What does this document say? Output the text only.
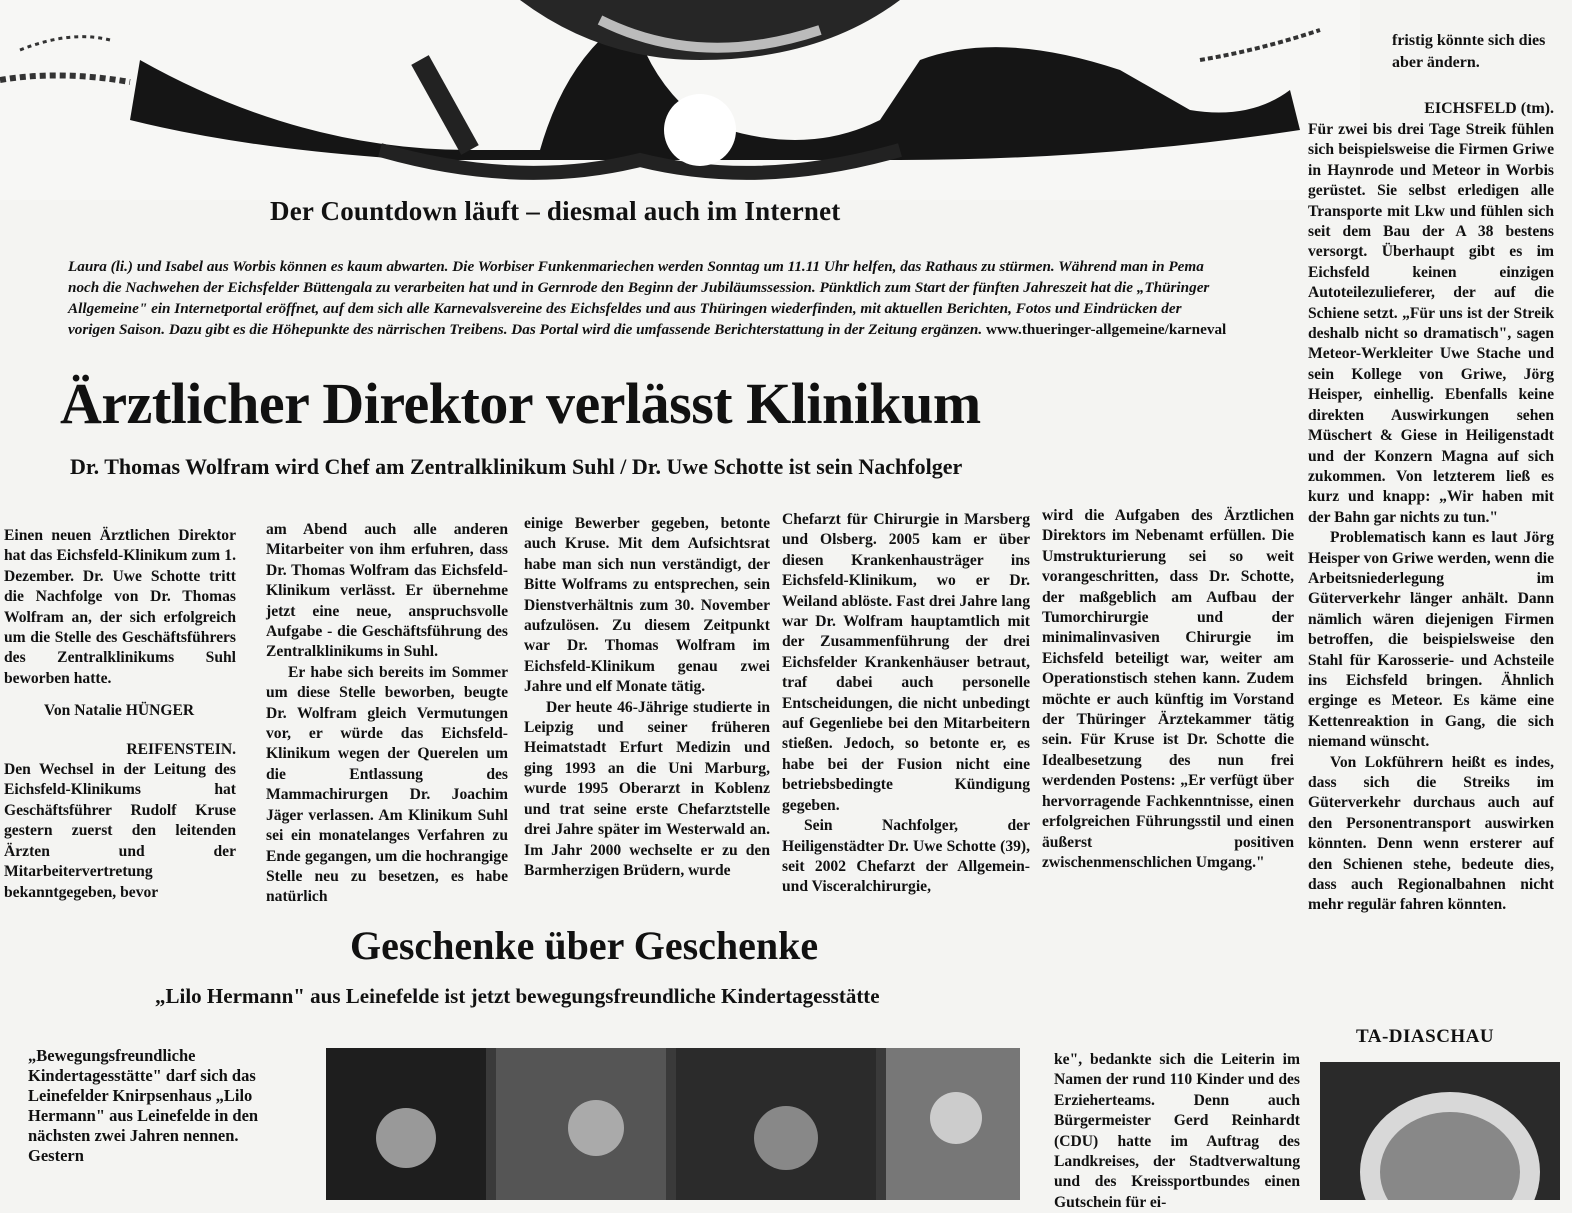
Der Countdown läuft – diesmal auch im Internet
Laura (li.) und Isabel aus Worbis können es kaum abwarten. Die Worbiser Funkenmariechen werden Sonntag um 11.11 Uhr helfen, das Rathaus zu stürmen. Während man in Pema noch die Nachwehen der Eichsfelder Büttengala zu verarbeiten hat und in Gernrode den Beginn der Jubiläumssession. Pünktlich zum Start der fünften Jahreszeit hat die „Thüringer Allgemeine" ein Internetportal eröffnet, auf dem sich alle Karnevalsvereine des Eichsfeldes und aus Thüringen wiederfinden, mit aktuellen Berichten, Fotos und Eindrücken der vorigen Saison. Dazu gibt es die Höhepunkte des närrischen Treibens. Das Portal wird die umfassende Berichterstattung in der Zeitung ergänzen. www.thueringer-allgemeine/karneval
Ärztlicher Direktor verlässt Klinikum
Dr. Thomas Wolfram wird Chef am Zentralklinikum Suhl / Dr. Uwe Schotte ist sein Nachfolger

Einen neuen Ärztlichen Direktor hat das Eichsfeld-Klinikum zum 1. Dezember. Dr. Uwe Schotte tritt die Nachfolge von Dr. Thomas Wolfram an, der sich erfolgreich um die Stelle des Geschäftsführers des Zentralklinikums Suhl beworben hatte.

Von Natalie HÜNGER

REIFENSTEIN.

Den Wechsel in der Leitung des Eichsfeld-Klinikums hat Geschäftsführer Rudolf Kruse gestern zuerst den leitenden Ärzten und der Mitarbeitervertretung bekanntgegeben, bevor

am Abend auch alle anderen Mitarbeiter von ihm erfuhren, dass Dr. Thomas Wolfram das Eichsfeld-Klinikum verlässt. Er übernehme jetzt eine neue, anspruchsvolle Aufgabe - die Geschäftsführung des Zentralklinikums in Suhl.

Er habe sich bereits im Sommer um diese Stelle beworben, beugte Dr. Wolfram gleich Vermutungen vor, er würde das Eichsfeld-Klinikum wegen der Querelen um die Entlassung des Mammachirurgen Dr. Joachim Jäger verlassen. Am Klinikum Suhl sei ein monatelanges Verfahren zu Ende gegangen, um die hochrangige Stelle neu zu besetzen, es habe natürlich

einige Bewerber gegeben, betonte auch Kruse. Mit dem Aufsichtsrat habe man sich nun verständigt, der Bitte Wolframs zu entsprechen, sein Dienstverhältnis zum 30. November aufzulösen. Zu diesem Zeitpunkt war Dr. Thomas Wolfram im Eichsfeld-Klinikum genau zwei Jahre und elf Monate tätig.

Der heute 46-Jährige studierte in Leipzig und seiner früheren Heimatstadt Erfurt Medizin und ging 1993 an die Uni Marburg, wurde 1995 Oberarzt in Koblenz und trat seine erste Chefarztstelle drei Jahre später im Westerwald an. Im Jahr 2000 wechselte er zu den Barmherzigen Brüdern, wurde

Chefarzt für Chirurgie in Marsberg und Olsberg. 2005 kam er über diesen Krankenhausträger ins Eichsfeld-Klinikum, wo er Dr. Weiland ablöste. Fast drei Jahre lang war Dr. Wolfram hauptamtlich mit der Zusammenführung der drei Eichsfelder Krankenhäuser betraut, traf dabei auch personelle Entscheidungen, die nicht unbedingt auf Gegenliebe bei den Mitarbeitern stießen. Jedoch, so betonte er, es habe bei der Fusion nicht eine betriebsbedingte Kündigung gegeben.

Sein Nachfolger, der Heiligenstädter Dr. Uwe Schotte (39), seit 2002 Chefarzt der Allgemein- und Visceralchirurgie,

wird die Aufgaben des Ärztlichen Direktors im Nebenamt erfüllen. Die Umstrukturierung sei so weit vorangeschritten, dass Dr. Schotte, der maßgeblich am Aufbau der Tumorchirurgie und der minimalinvasiven Chirurgie im Eichsfeld beteiligt war, weiter am Operationstisch stehen kann. Zudem möchte er auch künftig im Vorstand der Thüringer Ärztekammer tätig sein. Für Kruse ist Dr. Schotte die Idealbesetzung des nun frei werdenden Postens: „Er verfügt über hervorragende Fachkenntnisse, einen erfolgreichen Führungsstil und einen äußerst positiven zwischenmenschlichen Umgang."

Geschenke über Geschenke
„Lilo Hermann" aus Leinefelde ist jetzt bewegungsfreundliche Kindertagesstätte
„Bewegungsfreundliche Kindertagesstätte" darf sich das Leinefelder Knirpsenhaus „Lilo Hermann" aus Leinefelde in den nächsten zwei Jahren nennen. Gestern
ke", bedankte sich die Leiterin im Namen der rund 110 Kinder und des Erzieherteams. Denn auch Bürgermeister Gerd Reinhardt (CDU) hatte im Auftrag des Landkreises, der Stadtverwaltung und des Kreissportbundes einen Gutschein für ei-
fristig könnte sich dies aber ändern.
EICHSFELD (tm).

Für zwei bis drei Tage Streik fühlen sich beispielsweise die Firmen Griwe in Haynrode und Meteor in Worbis gerüstet. Sie selbst erledigen alle Transporte mit Lkw und fühlen sich seit dem Bau der A 38 bestens versorgt. Überhaupt gibt es im Eichsfeld keinen einzigen Autoteilezulieferer, der auf die Schiene setzt. „Für uns ist der Streik deshalb nicht so dramatisch", sagen Meteor-Werkleiter Uwe Stache und sein Kollege von Griwe, Jörg Heisper, einhellig. Ebenfalls keine direkten Auswirkungen sehen Müschert & Giese in Heiligenstadt und der Konzern Magna auf sich zukommen. Von letzterem ließ es kurz und knapp: „Wir haben mit der Bahn gar nichts zu tun."

Problematisch kann es laut Jörg Heisper von Griwe werden, wenn die Arbeitsniederlegung im Güterverkehr länger anhält. Dann nämlich wären diejenigen Firmen betroffen, die beispielsweise den Stahl für Karosserie- und Achsteile ins Eichsfeld bringen. Ähnlich erginge es Meteor. Es käme eine Kettenreaktion in Gang, die sich niemand wünscht.

Von Lokführern heißt es indes, dass sich die Streiks im Güterverkehr durchaus auch auf den Personentransport auswirken könnten. Denn wenn ersterer auf den Schienen stehe, bedeute dies, dass auch Regionalbahnen nicht mehr regulär fahren könnten.

TA-DIASCHAU
